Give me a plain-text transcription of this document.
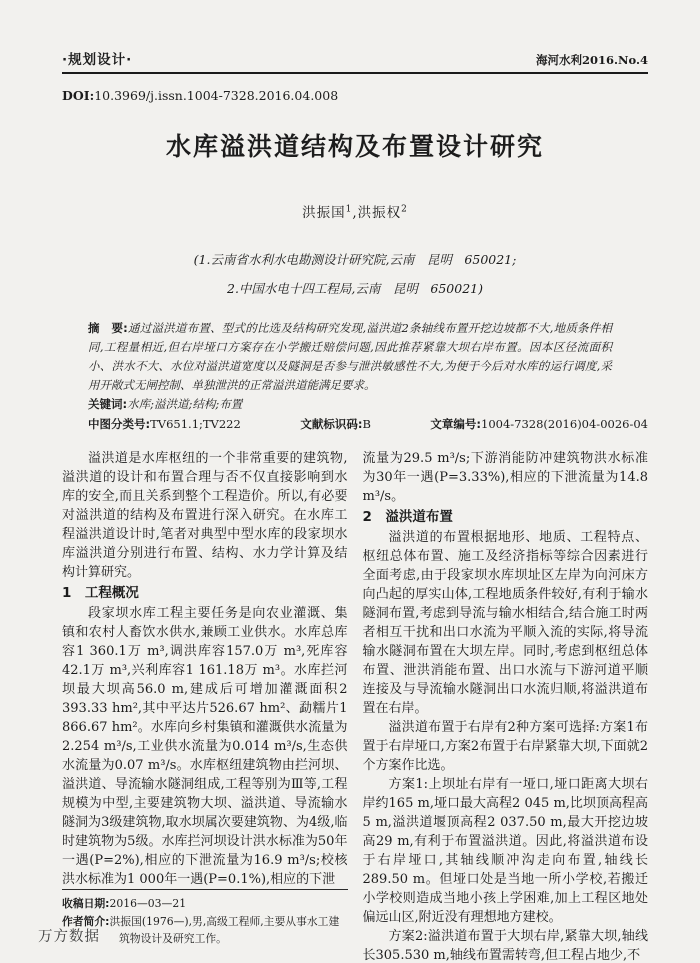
·规划设计·	海河水利2016.No.4
DOI:10.3969/j.issn.1004-7328.2016.04.008
水库溢洪道结构及布置设计研究
洪振国$^1$,洪振权$^2$
(1.云南省水利水电勘测设计研究院,云南　昆明　650021;
2.中国水电十四工程局,云南　昆明　650021)

摘　要:通过溢洪道布置、型式的比选及结构研究发现,溢洪道2条轴线布置开挖边坡都不大,地质条件相同,工程量相近,但右岸垭口方案存在小学搬迁赔偿问题,因此推荐紧靠大坝右岸布置。因本区径流面积小、洪水不大、水位对溢洪道宽度以及隧洞是否参与泄洪敏感性不大,为便于今后对水库的运行调度,采用开敞式无闸控制、单独泄洪的正常溢洪道能满足要求。

关键词:水库;溢洪道;结构;布置

中图分类号:TV651.1;TV222	文献标识码:B	文章编号:1004-7328(2016)04-0026-04

溢洪道是水库枢纽的一个非常重要的建筑物,溢洪道的设计和布置合理与否不仅直接影响到水库的安全,而且关系到整个工程造价。所以,有必要对溢洪道的结构及布置进行深入研究。在水库工程溢洪道设计时,笔者对典型中型水库的段家坝水库溢洪道分别进行布置、结构、水力学计算及结构计算研究。

1　工程概况

段家坝水库工程主要任务是向农业灌溉、集镇和农村人畜饮水供水,兼顾工业供水。水库总库容1 360.1万 m³,调洪库容157.0万 m³,死库容42.1万 m³,兴利库容1 161.18万 m³。水库拦河坝最大坝高56.0 m,建成后可增加灌溉面积2 393.33 hm²,其中平达片526.67 hm²、勐糯片1 866.67 hm²。水库向乡村集镇和灌溉供水流量为2.254 m³/s,工业供水流量为0.014 m³/s,生态供水流量为0.07 m³/s。水库枢纽建筑物由拦河坝、溢洪道、导流输水隧洞组成,工程等别为Ⅲ等,工程规模为中型,主要建筑物大坝、溢洪道、导流输水隧洞为3级建筑物,取水坝属次要建筑物、为4级,临时建筑物为5级。水库拦河坝设计洪水标准为50年一遇(P=2%),相应的下泄流量为16.9 m³/s;校核洪水标准为1 000年一遇(P=0.1%),相应的下泄

收稿日期:2016—03—21
作者简介:洪振国(1976—),男,高级工程师,主要从事水工建筑物设计及研究工作。

流量为29.5 m³/s;下游消能防冲建筑物洪水标准为30年一遇(P=3.33%),相应的下泄流量为14.8 m³/s。

2　溢洪道布置

溢洪道的布置根据地形、地质、工程特点、枢纽总体布置、施工及经济指标等综合因素进行全面考虑,由于段家坝水库坝址区左岸为向河床方向凸起的厚实山体,工程地质条件较好,有利于输水隧洞布置,考虑到导流与输水相结合,结合施工时两者相互干扰和出口水流为平顺入流的实际,将导流输水隧洞布置在大坝左岸。同时,考虑到枢纽总体布置、泄洪消能布置、出口水流与下游河道平顺连接及与导流输水隧洞出口水流归顺,将溢洪道布置在右岸。

溢洪道布置于右岸有2种方案可选择:方案1布置于右岸垭口,方案2布置于右岸紧靠大坝,下面就2个方案作比选。

方案1:上坝址右岸有一垭口,垭口距离大坝右岸约165 m,垭口最大高程2 045 m,比坝顶高程高5 m,溢洪道堰顶高程2 037.50 m,最大开挖边坡高29 m,有利于布置溢洪道。因此,将溢洪道布设于右岸垭口,其轴线顺冲沟走向布置,轴线长289.50 m。但垭口处是当地一所小学校,若搬迁小学校则造成当地小孩上学困难,加上工程区地处偏远山区,附近没有理想地方建校。

方案2:溢洪道布置于大坝右岸,紧靠大坝,轴线长305.530 m,轴线布置需转弯,但工程占地少,不

万方数据
